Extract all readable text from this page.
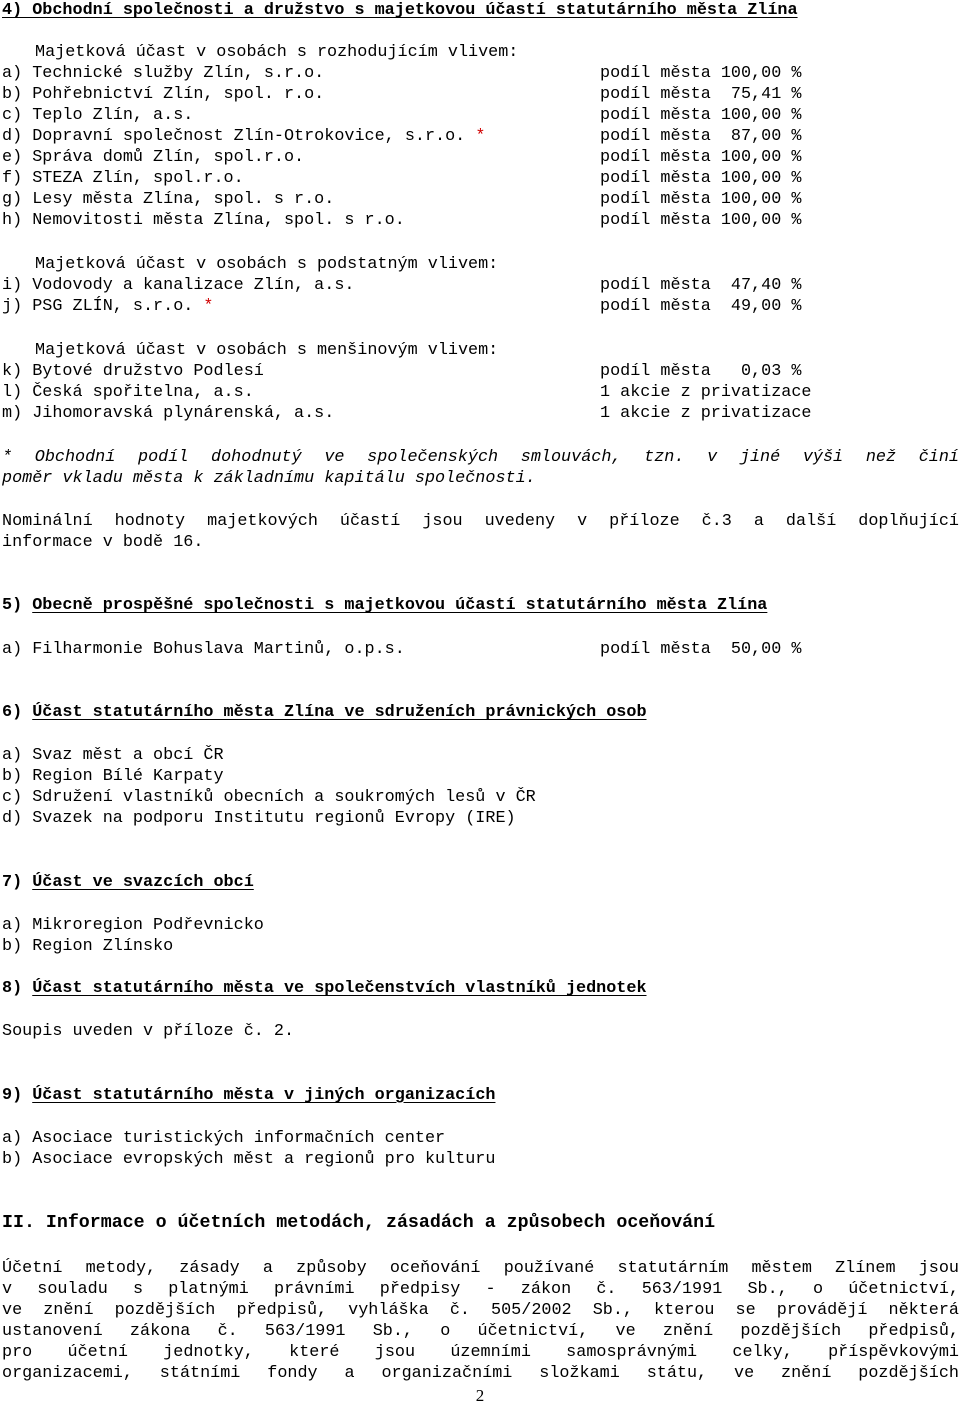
4) Obchodní společnosti a družstvo s majetkovou účastí statutárního města Zlína
Majetková účast v osobách s rozhodujícím vlivem:
a) Technické služby Zlín, s.r.o.	podíl města 100,00 %
b) Pohřebnictví Zlín, spol. r.o.	podíl města  75,41 %
c) Teplo Zlín, a.s.	podíl města 100,00 %
d) Dopravní společnost Zlín-Otrokovice, s.r.o. *	podíl města  87,00 %
e) Správa domů Zlín, spol.r.o.	podíl města 100,00 %
f) STEZA Zlín, spol.r.o.	podíl města 100,00 %
g) Lesy města Zlína, spol. s r.o.	podíl města 100,00 %
h) Nemovitosti města Zlína, spol. s r.o.	podíl města 100,00 %
Majetková účast v osobách s podstatným vlivem:
i) Vodovody a kanalizace Zlín, a.s.	podíl města  47,40 %
j) PSG ZLÍN, s.r.o. *	podíl města  49,00 %
Majetková účast v osobách s menšinovým vlivem:
k) Bytové družstvo Podlesí	podíl města   0,03 %
l) Česká spořitelna, a.s.	1 akcie z privatizace
m) Jihomoravská plynárenská, a.s.	1 akcie z privatizace
* Obchodní podíl dohodnutý ve společenských smlouvách, tzn. v jiné výši než činí
poměr vkladu města k základnímu kapitálu společnosti.
Nominální hodnoty majetkových účastí jsou uvedeny v příloze č.3 a další doplňující
informace v bodě 16.
5) Obecně prospěšné společnosti s majetkovou účastí statutárního města Zlína
a) Filharmonie Bohuslava Martinů, o.p.s.	podíl města  50,00 %
6) Účast statutárního města Zlína ve sdruženích právnických osob
a) Svaz měst a obcí ČR
b) Region Bílé Karpaty
c) Sdružení vlastníků obecních a soukromých lesů v ČR
d) Svazek na podporu Institutu regionů Evropy (IRE)
7) Účast ve svazcích obcí
a) Mikroregion Podřevnicko
b) Region Zlínsko
8) Účast statutárního města ve společenstvích vlastníků jednotek
Soupis uveden v příloze č. 2.
9) Účast statutárního města v jiných organizacích
a) Asociace turistických informačních center
b) Asociace evropských měst a regionů pro kulturu
II. Informace o účetních metodách, zásadách a způsobech oceňování
Účetní metody, zásady a způsoby oceňování používané statutárním městem Zlínem jsou
v souladu s platnými právními předpisy - zákon č. 563/1991 Sb., o účetnictví,
ve znění pozdějších předpisů, vyhláška č. 505/2002 Sb., kterou se provádějí některá
ustanovení zákona č. 563/1991 Sb., o účetnictví, ve znění pozdějších předpisů,
pro účetní jednotky, které jsou územními samosprávnými celky, příspěvkovými
organizacemi, státními fondy a organizačními složkami státu, ve znění pozdějších
2
